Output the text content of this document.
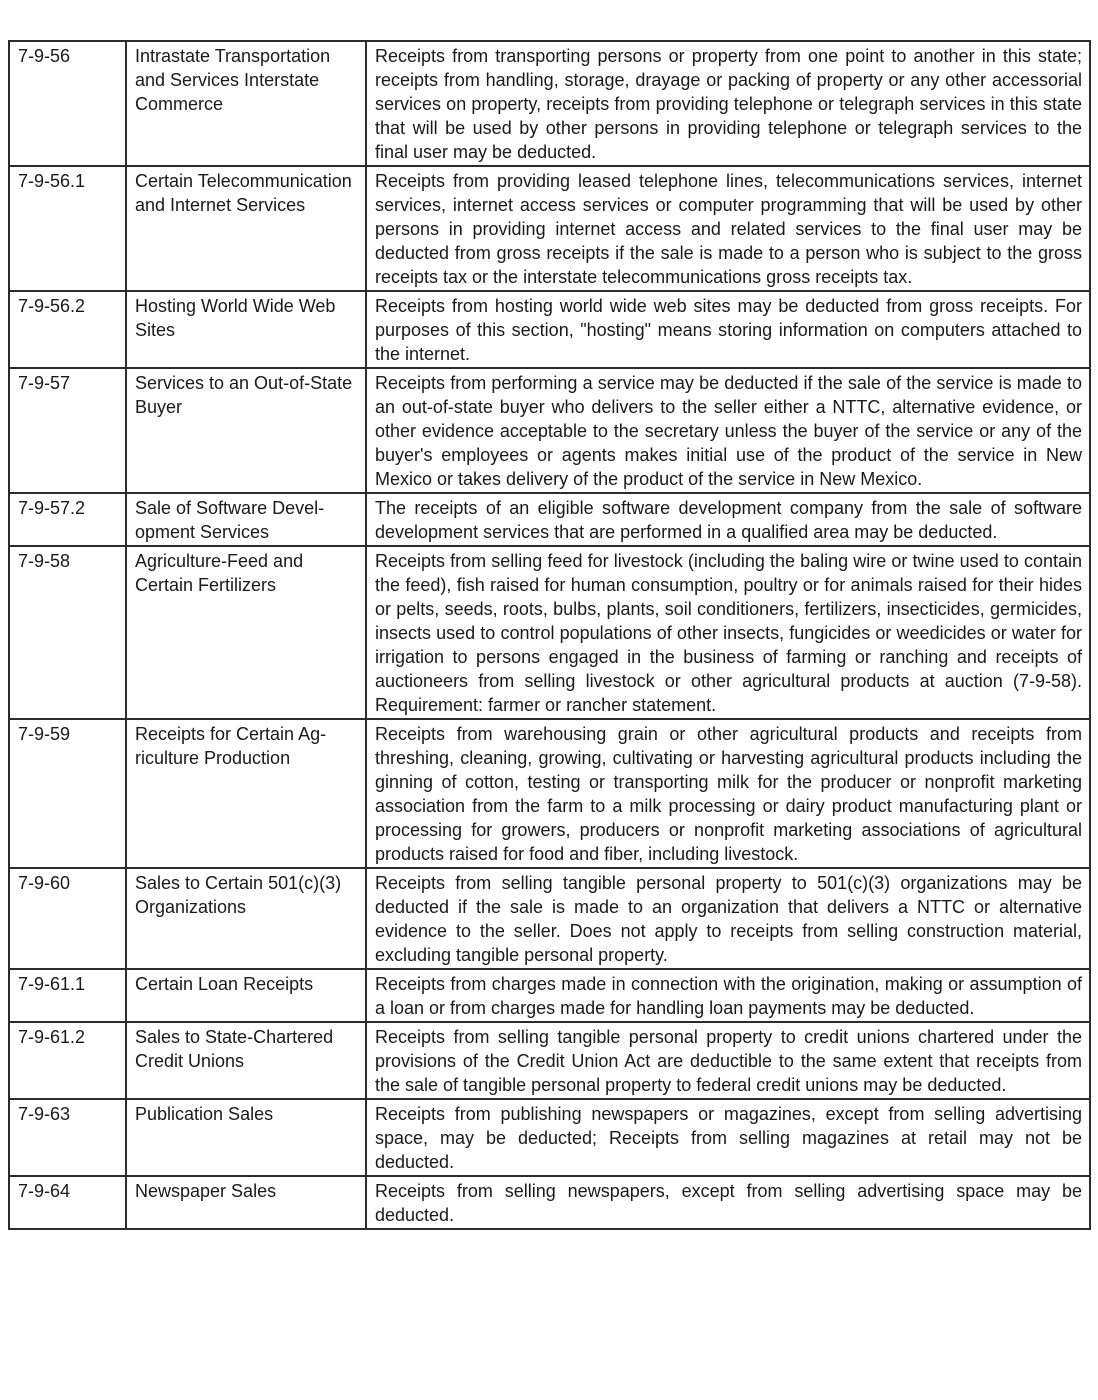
7-9-56	Intrastate Transportation and Services Interstate Commerce	Receipts from transporting persons or property from one point to another in this state; receipts from handling, storage, drayage or packing of property or any other accessorial services on property, receipts from providing telephone or telegraph services in this state that will be used by other persons in providing telephone or telegraph services to the final user may be deducted.
7-9-56.1	Certain Telecommunication and Internet Services	Receipts from providing leased telephone lines, telecommunications services, internet services, internet access services or computer programming that will be used by other persons in providing internet access and related services to the final user may be deducted from gross receipts if the sale is made to a person who is subject to the gross receipts tax or the interstate telecommunications gross receipts tax.
7-9-56.2	Hosting World Wide Web Sites	Receipts from hosting world wide web sites may be deducted from gross receipts. For purposes of this section, "hosting" means storing information on computers attached to the internet.
7-9-57	Services to an Out-of-State Buyer	Receipts from performing a service may be deducted if the sale of the service is made to an out-of-state buyer who delivers to the seller either a NTTC, alternative evidence, or other evidence acceptable to the secretary unless the buyer of the service or any of the buyer's employees or agents makes initial use of the product of the service in New Mexico or takes delivery of the product of the service in New Mexico.
7-9-57.2	Sale of Software Development Services	The receipts of an eligible software development company from the sale of software development services that are performed in a qualified area may be deducted.
7-9-58	Agriculture-Feed and Certain Fertilizers	Receipts from selling feed for livestock (including the baling wire or twine used to contain the feed), fish raised for human consumption, poultry or for animals raised for their hides or pelts, seeds, roots, bulbs, plants, soil conditioners, fertilizers, insecticides, germicides, insects used to control populations of other insects, fungicides or weedicides or water for irrigation to persons engaged in the business of farming or ranching and receipts of auctioneers from selling livestock or other agricultural products at auction (7-9-58). Requirement: farmer or rancher statement.
7-9-59	Receipts for Certain Agriculture Production	Receipts from warehousing grain or other agricultural products and receipts from threshing, cleaning, growing, cultivating or harvesting agricultural products including the ginning of cotton, testing or transporting milk for the producer or nonprofit marketing association from the farm to a milk processing or dairy product manufacturing plant or processing for growers, producers or nonprofit marketing associations of agricultural products raised for food and fiber, including livestock.
7-9-60	Sales to Certain 501(c)(3) Organizations	Receipts from selling tangible personal property to 501(c)(3) organizations may be deducted if the sale is made to an organization that delivers a NTTC or alternative evidence to the seller. Does not apply to receipts from selling construction material, excluding tangible personal property.
7-9-61.1	Certain Loan Receipts	Receipts from charges made in connection with the origination, making or assumption of a loan or from charges made for handling loan payments may be deducted.
7-9-61.2	Sales to State-Chartered Credit Unions	Receipts from selling tangible personal property to credit unions chartered under the provisions of the Credit Union Act are deductible to the same extent that receipts from the sale of tangible personal property to federal credit unions may be deducted.
7-9-63	Publication Sales	Receipts from publishing newspapers or magazines, except from selling advertising space, may be deducted; Receipts from selling magazines at retail may not be deducted.
7-9-64	Newspaper Sales	Receipts from selling newspapers, except from selling advertising space may be deducted.
